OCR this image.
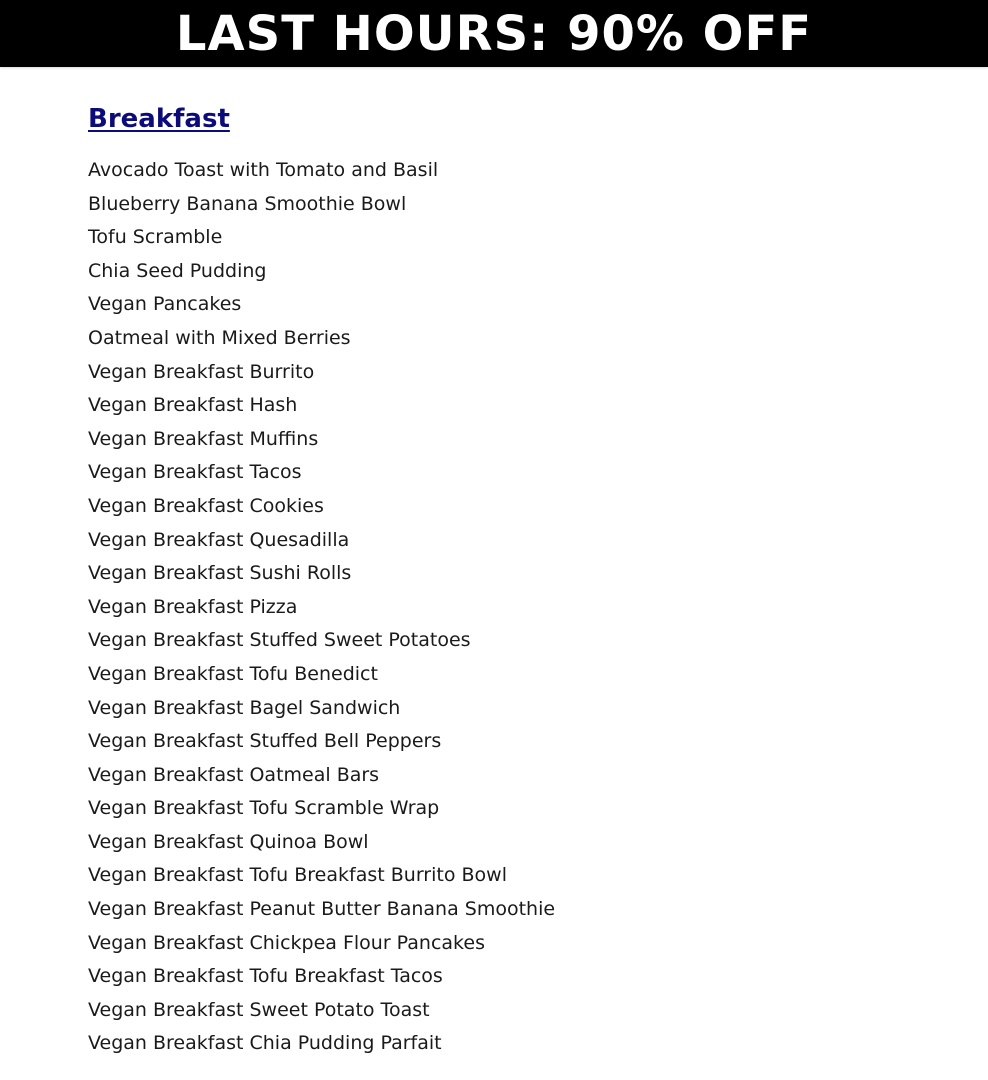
LAST HOURS: 90% OFF
Breakfast
Avocado Toast with Tomato and Basil
Blueberry Banana Smoothie Bowl
Tofu Scramble
Chia Seed Pudding
Vegan Pancakes
Oatmeal with Mixed Berries
Vegan Breakfast Burrito
Vegan Breakfast Hash
Vegan Breakfast Muffins
Vegan Breakfast Tacos
Vegan Breakfast Cookies
Vegan Breakfast Quesadilla
Vegan Breakfast Sushi Rolls
Vegan Breakfast Pizza
Vegan Breakfast Stuffed Sweet Potatoes
Vegan Breakfast Tofu Benedict
Vegan Breakfast Bagel Sandwich
Vegan Breakfast Stuffed Bell Peppers
Vegan Breakfast Oatmeal Bars
Vegan Breakfast Tofu Scramble Wrap
Vegan Breakfast Quinoa Bowl
Vegan Breakfast Tofu Breakfast Burrito Bowl
Vegan Breakfast Peanut Butter Banana Smoothie
Vegan Breakfast Chickpea Flour Pancakes
Vegan Breakfast Tofu Breakfast Tacos
Vegan Breakfast Sweet Potato Toast
Vegan Breakfast Chia Pudding Parfait
